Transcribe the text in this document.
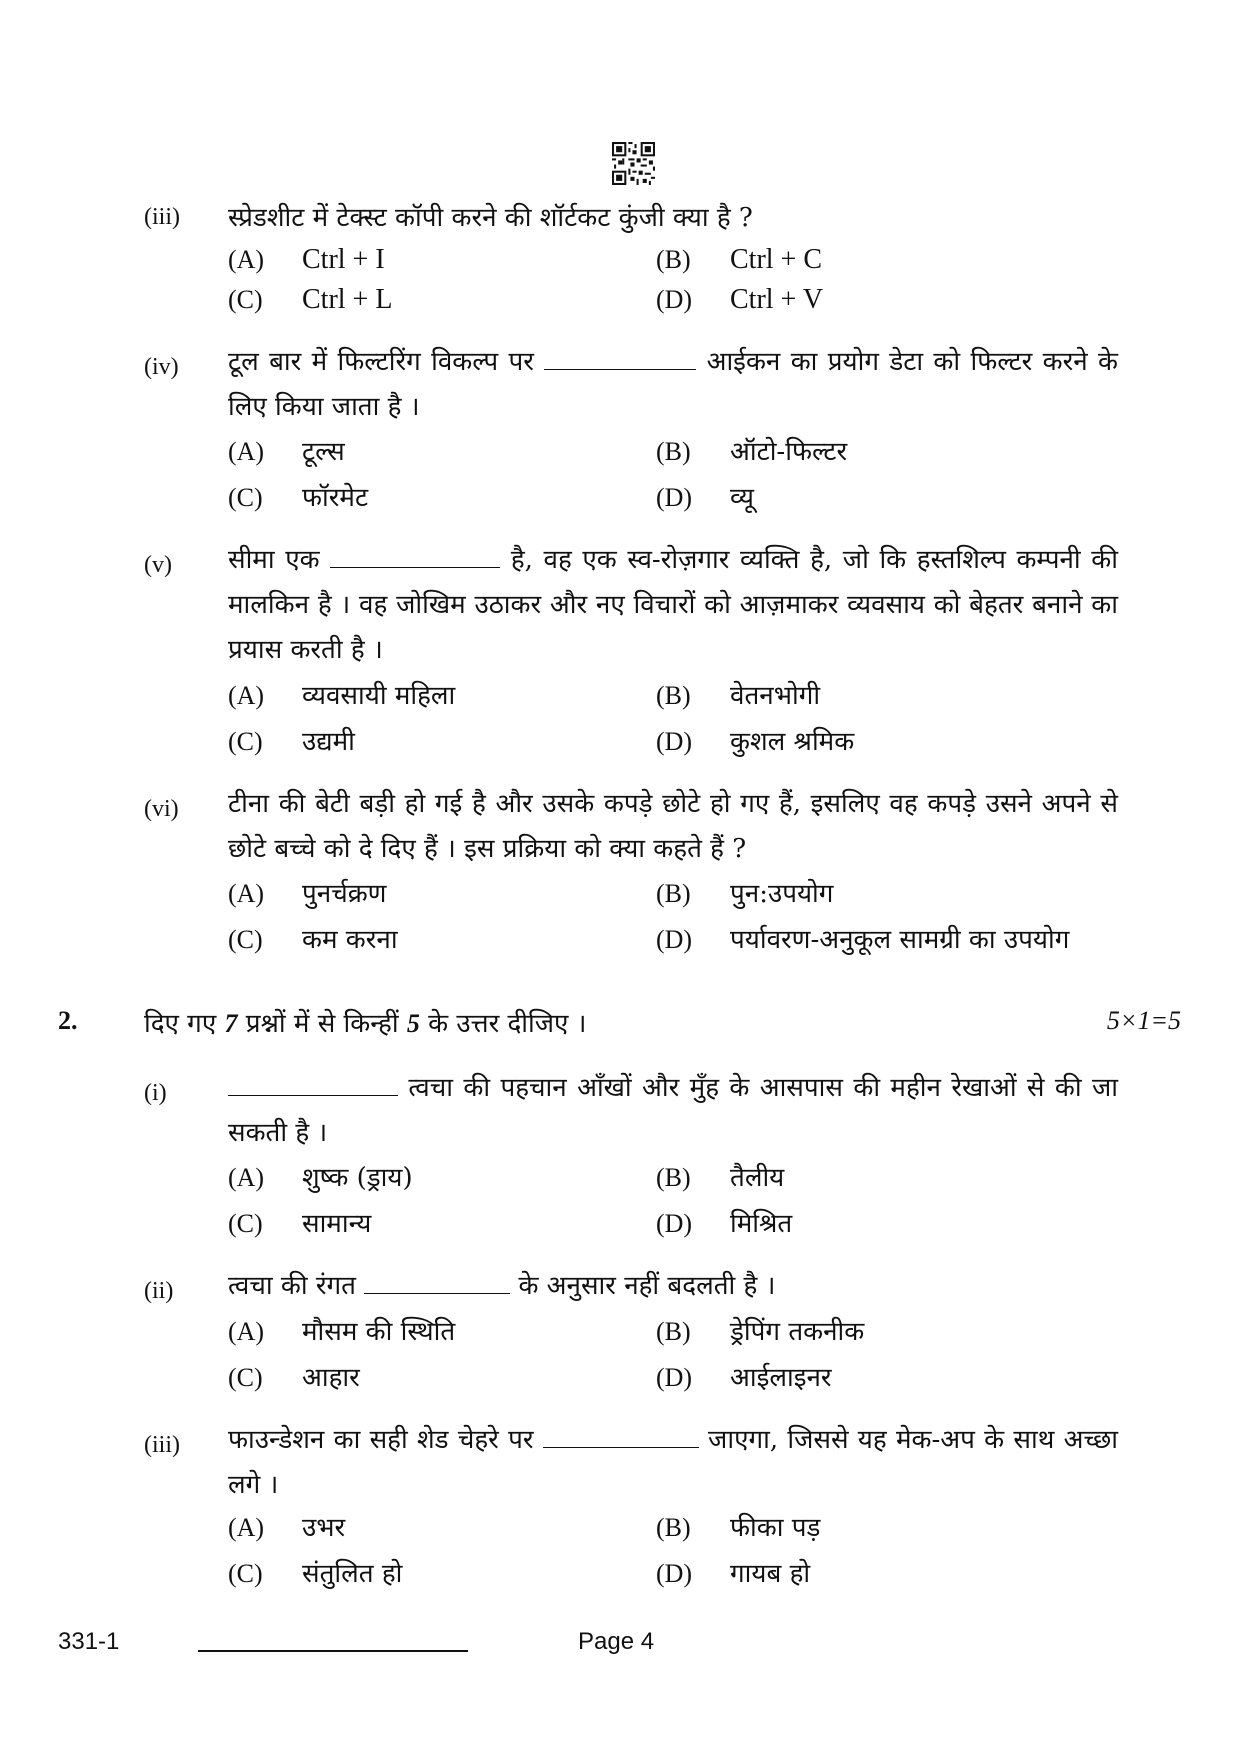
(iii) स्प्रेडशीट में टेक्स्ट कॉपी करने की शॉर्टकट कुंजी क्या है ?
(A) Ctrl + I	(B) Ctrl + C
(C) Ctrl + L	(D) Ctrl + V
(iv) टूल बार में फिल्टरिंग विकल्प पर	आईकन का प्रयोग डेटा को फिल्टर करने के लिए किया जाता है ।
(A) टूल्स	(B) ऑटो-फिल्टर
(C) फॉरमेट	(D) व्यू
(v) सीमा एक	है, वह एक स्व-रोज़गार व्यक्ति है, जो कि हस्तशिल्प कम्पनी की मालकिन है । वह जोखिम उठाकर और नए विचारों को आज़माकर व्यवसाय को बेहतर बनाने का प्रयास करती है ।
(A) व्यवसायी महिला	(B) वेतनभोगी
(C) उद्यमी	(D) कुशल श्रमिक
(vi) टीना की बेटी बड़ी हो गई है और उसके कपड़े छोटे हो गए हैं, इसलिए वह कपड़े उसने अपने से छोटे बच्चे को दे दिए हैं । इस प्रक्रिया को क्या कहते हैं ?
(A) पुनर्चक्रण	(B) पुन:उपयोग
(C) कम करना	(D) पर्यावरण-अनुकूल सामग्री का उपयोग
2.	दिए गए 7 प्रश्नों में से किन्हीं 5 के उत्तर दीजिए ।	5×1=5
(i)	त्वचा की पहचान आँखों और मुँह के आसपास की महीन रेखाओं से की जा सकती है ।
(A) शुष्क (ड्राय)	(B) तैलीय
(C) सामान्य	(D) मिश्रित
(ii) त्वचा की रंगत	के अनुसार नहीं बदलती है ।
(A) मौसम की स्थिति	(B) ड्रेपिंग तकनीक
(C) आहार	(D) आईलाइनर
(iii) फाउन्डेशन का सही शेड चेहरे पर	जाएगा, जिससे यह मेक-अप के साथ अच्छा लगे ।
(A) उभर	(B) फीका पड़
(C) संतुलित हो	(D) गायब हो
331-1	Page 4
